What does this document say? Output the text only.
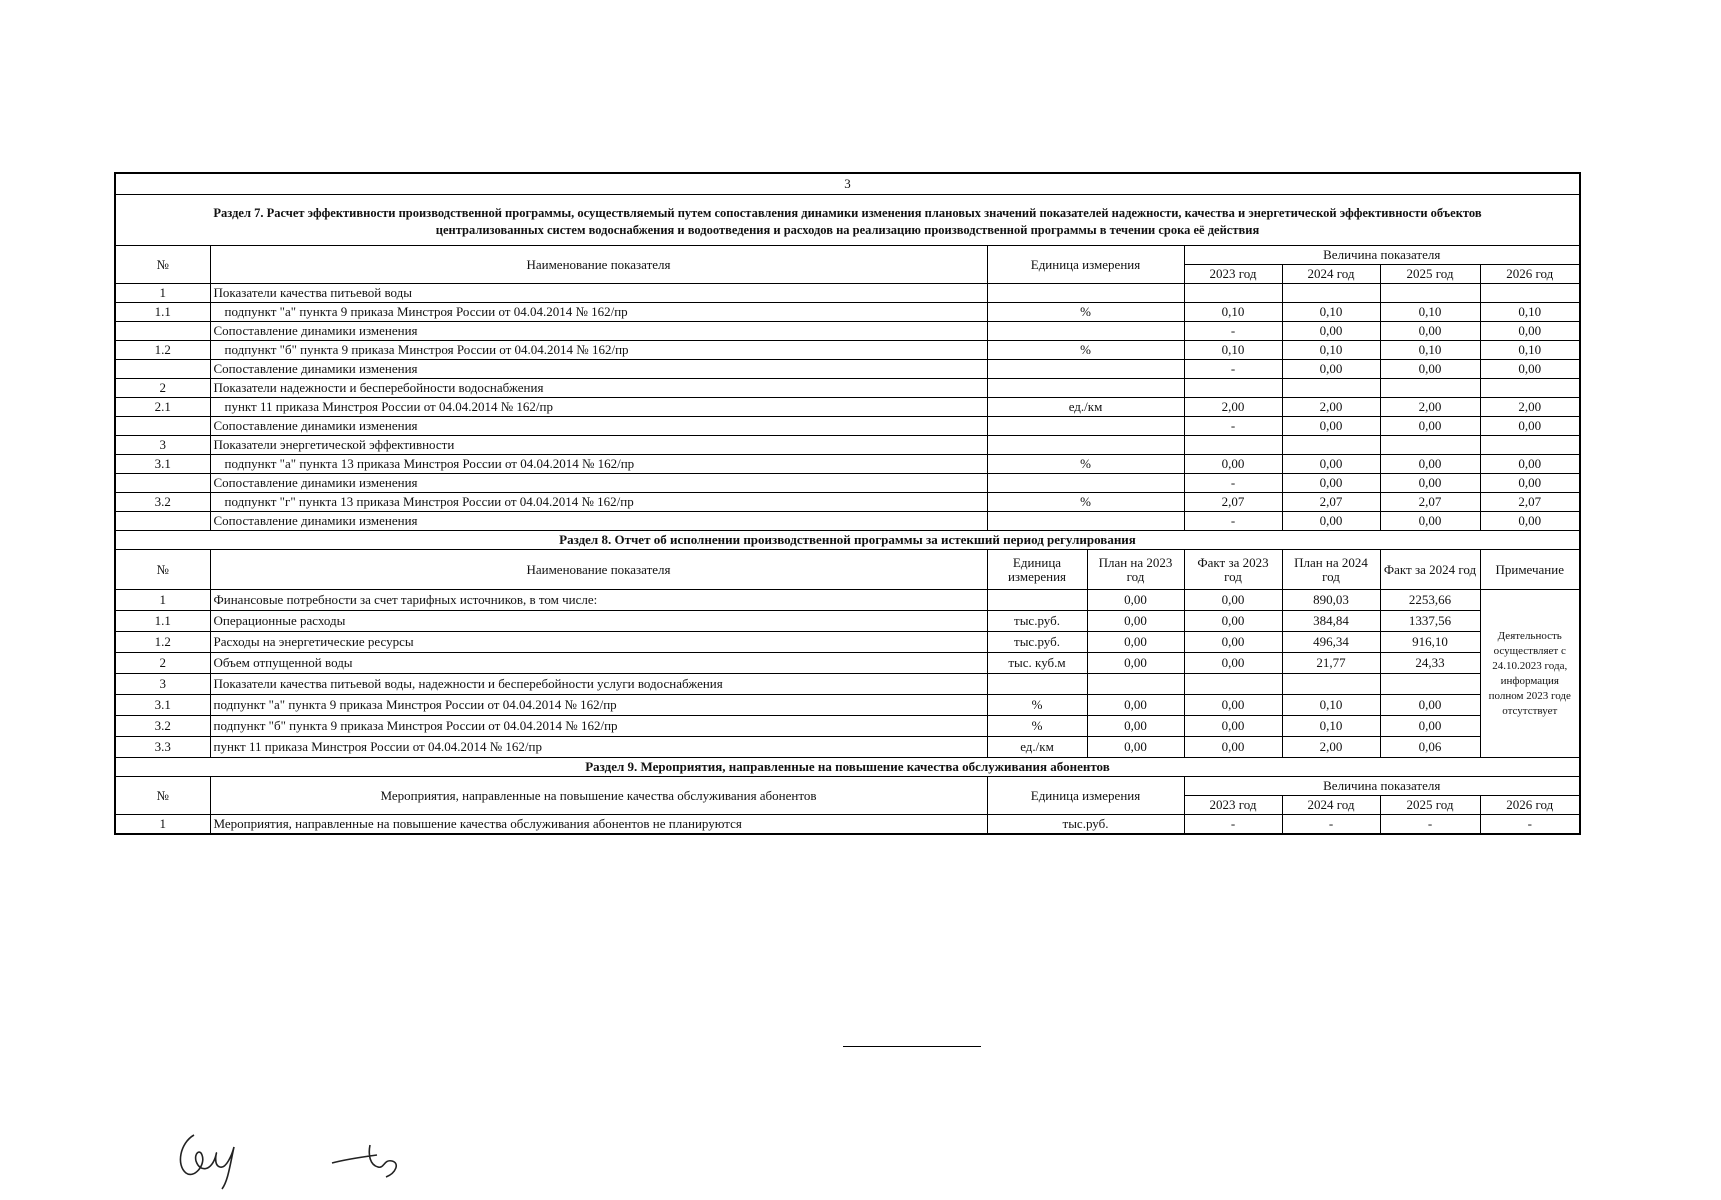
3							
Раздел 7. Расчет эффективности производственной программы, осуществляемый путем сопоставления динамики изменения плановых значений показателей надежности, качества и энергетической эффективности объектов централизованных систем водоснабжения и водоотведения и расходов на реализацию производственной программы в течении срока её действия							
№	Наименование показателя	Единица измерения		Величина показателя			
				2023 год	2024 год	2025 год	2026 год
1	Показатели качества питьевой воды						
1.1	подпункт "а" пункта 9 приказа Минстроя России от 04.04.2014 № 162/пр	%		0,10	0,10	0,10	0,10
	Сопоставление динамики изменения			-	0,00	0,00	0,00
1.2	подпункт "б" пункта 9 приказа Минстроя России от 04.04.2014 № 162/пр	%		0,10	0,10	0,10	0,10
	Сопоставление динамики изменения			-	0,00	0,00	0,00
2	Показатели надежности и бесперебойности водоснабжения						
2.1	пункт 11 приказа Минстроя России от 04.04.2014 № 162/пр	ед./км		2,00	2,00	2,00	2,00
	Сопоставление динамики изменения			-	0,00	0,00	0,00
3	Показатели энергетической эффективности						
3.1	подпункт "а" пункта 13 приказа Минстроя России от 04.04.2014 № 162/пр	%		0,00	0,00	0,00	0,00
	Сопоставление динамики изменения			-	0,00	0,00	0,00
3.2	подпункт "г" пункта 13 приказа Минстроя России от 04.04.2014 № 162/пр	%		2,07	2,07	2,07	2,07
	Сопоставление динамики изменения			-	0,00	0,00	0,00
Раздел 8. Отчет об исполнении производственной программы за истекший период регулирования							
№	Наименование показателя	Единица измерения	План на 2023 год	Факт за 2023 год	План на 2024 год	Факт за 2024 год	Примечание
1	Финансовые потребности за счет тарифных источников, в том числе:		0,00	0,00	890,03	2253,66	Деятельность осуществляет с 24.10.2023 года, информация полном 2023 годе отсутствует
1.1	Операционные расходы	тыс.руб.	0,00	0,00	384,84	1337,56	
1.2	Расходы на энергетические ресурсы	тыс.руб.	0,00	0,00	496,34	916,10	
2	Объем отпущенной воды	тыс. куб.м	0,00	0,00	21,77	24,33	
3	Показатели качества питьевой воды, надежности и бесперебойности услуги водоснабжения						
3.1	подпункт "а" пункта 9 приказа Минстроя России от 04.04.2014 № 162/пр	%	0,00	0,00	0,10	0,00	
3.2	подпункт "б" пункта 9 приказа Минстроя России от 04.04.2014 № 162/пр	%	0,00	0,00	0,10	0,00	
3.3	пункт 11 приказа Минстроя России от 04.04.2014 № 162/пр	ед./км	0,00	0,00	2,00	0,06	
Раздел 9. Мероприятия, направленные на повышение качества обслуживания абонентов							
№	Мероприятия, направленные на повышение качества обслуживания абонентов	Единица измерения		Величина показателя			
				2023 год	2024 год	2025 год	2026 год
1	Мероприятия, направленные на повышение качества обслуживания абонентов не планируются	тыс.руб.		-	-	-	-
